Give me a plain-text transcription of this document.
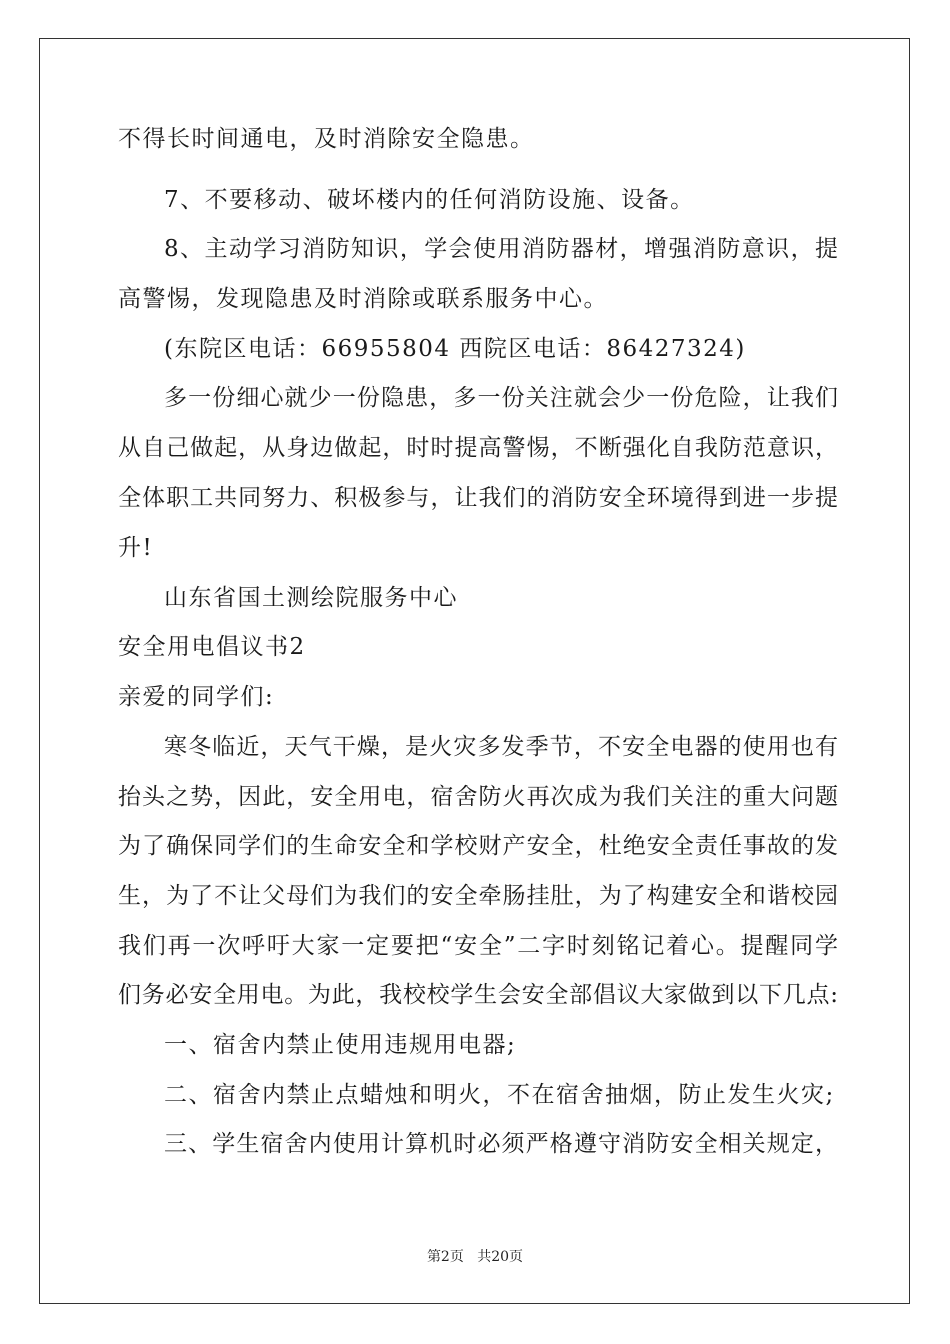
不得长时间通电，及时消除安全隐患。
7、不要移动、破坏楼内的任何消防设施、设备。
8、主动学习消防知识，学会使用消防器材，增强消防意识，提
高警惕，发现隐患及时消除或联系服务中心。
(东院区电话：66955804 西院区电话：86427324)
多一份细心就少一份隐患，多一份关注就会少一份危险，让我们
从自己做起，从身边做起，时时提高警惕，不断强化自我防范意识，
全体职工共同努力、积极参与，让我们的消防安全环境得到进一步提
升!
山东省国土测绘院服务中心
安全用电倡议书2
亲爱的同学们:
寒冬临近，天气干燥，是火灾多发季节，不安全电器的使用也有
抬头之势，因此，安全用电，宿舍防火再次成为我们关注的重大问题
为了确保同学们的生命安全和学校财产安全，杜绝安全责任事故的发
生，为了不让父母们为我们的安全牵肠挂肚，为了构建安全和谐校园
我们再一次呼吁大家一定要把“安全”二字时刻铭记着心。提醒同学
们务必安全用电。为此，我校校学生会安全部倡议大家做到以下几点:
一、宿舍内禁止使用违规用电器;
二、宿舍内禁止点蜡烛和明火，不在宿舍抽烟，防止发生火灾;
三、学生宿舍内使用计算机时必须严格遵守消防安全相关规定，
第2页 共20页
